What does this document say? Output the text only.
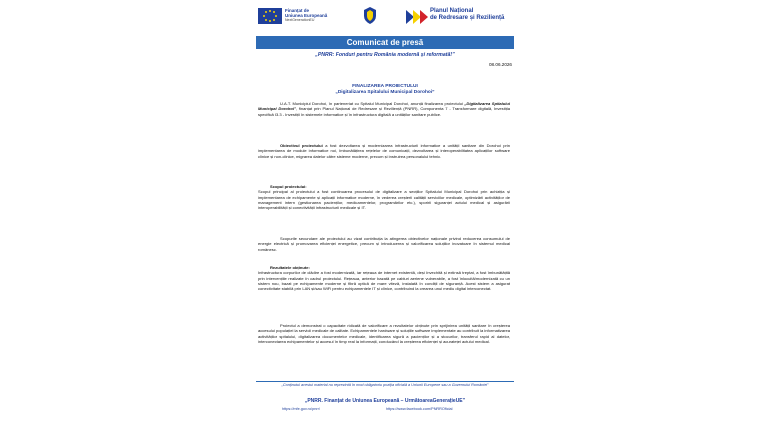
Finanțat de
Uniunea Europeană
NextGenerationEU
Planul Național
de Redresare și Reziliență
Comunicat de presă
„PNRR: Fonduri pentru România modernă și reformată!”
08.06.2026
FINALIZAREA PROIECTULUI
„Digitalizarea Spitalului Municipal Dorohoi”
U.A.T. Municipiul Dorohoi, în parteneriat cu Spitalul Municipal Dorohoi, anunță finalizarea proiectului „Digitalizarea Spitalului Municipal Dorohoi”, finanțat prin Planul Național de Redresare și Reziliență (PNRR), Componenta 7 - Transformare digitală, Investiția specifică I3.3 - Investiții în sistemele informatice și în infrastructura digitală a unităților sanitare publice.
Obiectivul proiectului a fost dezvoltarea și modernizarea infrastructurii informatice a unității sanitare din Dorohoi prin implementarea de module informatice noi, îmbunătățirea rețelelor de comunicații, dezvoltarea și interoperabilitatea aplicațiilor software clinice și non-clinice, migrarea datelor către sisteme moderne, precum și instruirea personalului tehnic.
Scopul proiectului:
Scopul principal al proiectului a fost continuarea procesului de digitalizare a secțiilor Spitalului Municipal Dorohoi prin achiziția și implementarea de echipamente și aplicații informatice moderne, în vederea creșterii calității serviciilor medicale, optimizării activităților de management intern (gestionarea pacienților, medicamentelor, programărilor etc.), sporirii siguranței actului medical și asigurării interoperabilității și conectivității infrastructurii medicale și IT.
Scopurile secundare ale proiectului au vizat contribuția la atingerea obiectivelor naționale privind reducerea consumului de energie electrică și promovarea eficienței energetice, precum și introducerea și valorificarea soluțiilor inovatoare în sistemul medical românesc.
Rezultatele obținute:
Infrastructura corpurilor de clădire a fost modernizată, iar rețeaua de internet existentă, deși învechită și extinsă treptat, a fost îmbunătățită prin intervențiile realizate în cadrul proiectului. Rețeaua, anterior bazată pe cabluri aeriene vulnerabile, a fost înlocuită/modernizată cu un sistem nou, bazat pe echipamente moderne și fibră optică de mare viteză, instalată în condiții de siguranță. Acest sistem a asigurat conectivitate stabilă prin LAN și/sau WiFi pentru echipamentele IT și clinice, contribuind la crearea unui mediu digital interconectat.
Proiectul a demonstrat o capacitate ridicată de valorificare a rezultatelor obținute prin sprijinirea unității sanitare în creșterea accesului populației la servicii medicale de calitate. Echipamentele hardware și soluțiile software implementate au contribuit la informatizarea activităților spitalului, digitalizarea documentelor medicale, identificarea sigură a pacienților și a stocurilor, transferul rapid al datelor, interconectarea echipamentelor și accesul în timp real la informații, conducând la creșterea eficienței și acurateței actului medical.
„Conținutul acestui material nu reprezintă în mod obligatoriu poziția oficială a Uniunii Europene sau a Guvernului României”
„PNRR. Finanțat de Uniunea Europeană – UrmătoareaGenerațieUE”
https://mfe.gov.ro/pnrr/	https://www.facebook.com/PNRROficial
